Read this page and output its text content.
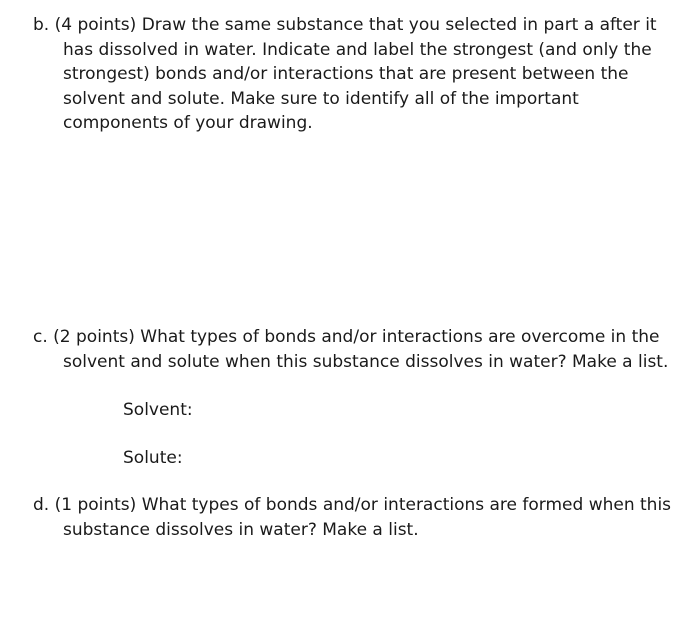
b. (4 points) Draw the same substance that you selected in part a after it
has dissolved in water. Indicate and label the strongest (and only the
strongest) bonds and/or interactions that are present between the
solvent and solute. Make sure to identify all of the important
components of your drawing.
c. (2 points) What types of bonds and/or interactions are overcome in the
solvent and solute when this substance dissolves in water? Make a list.
Solvent:
Solute:
d. (1 points) What types of bonds and/or interactions are formed when this
substance dissolves in water? Make a list.
